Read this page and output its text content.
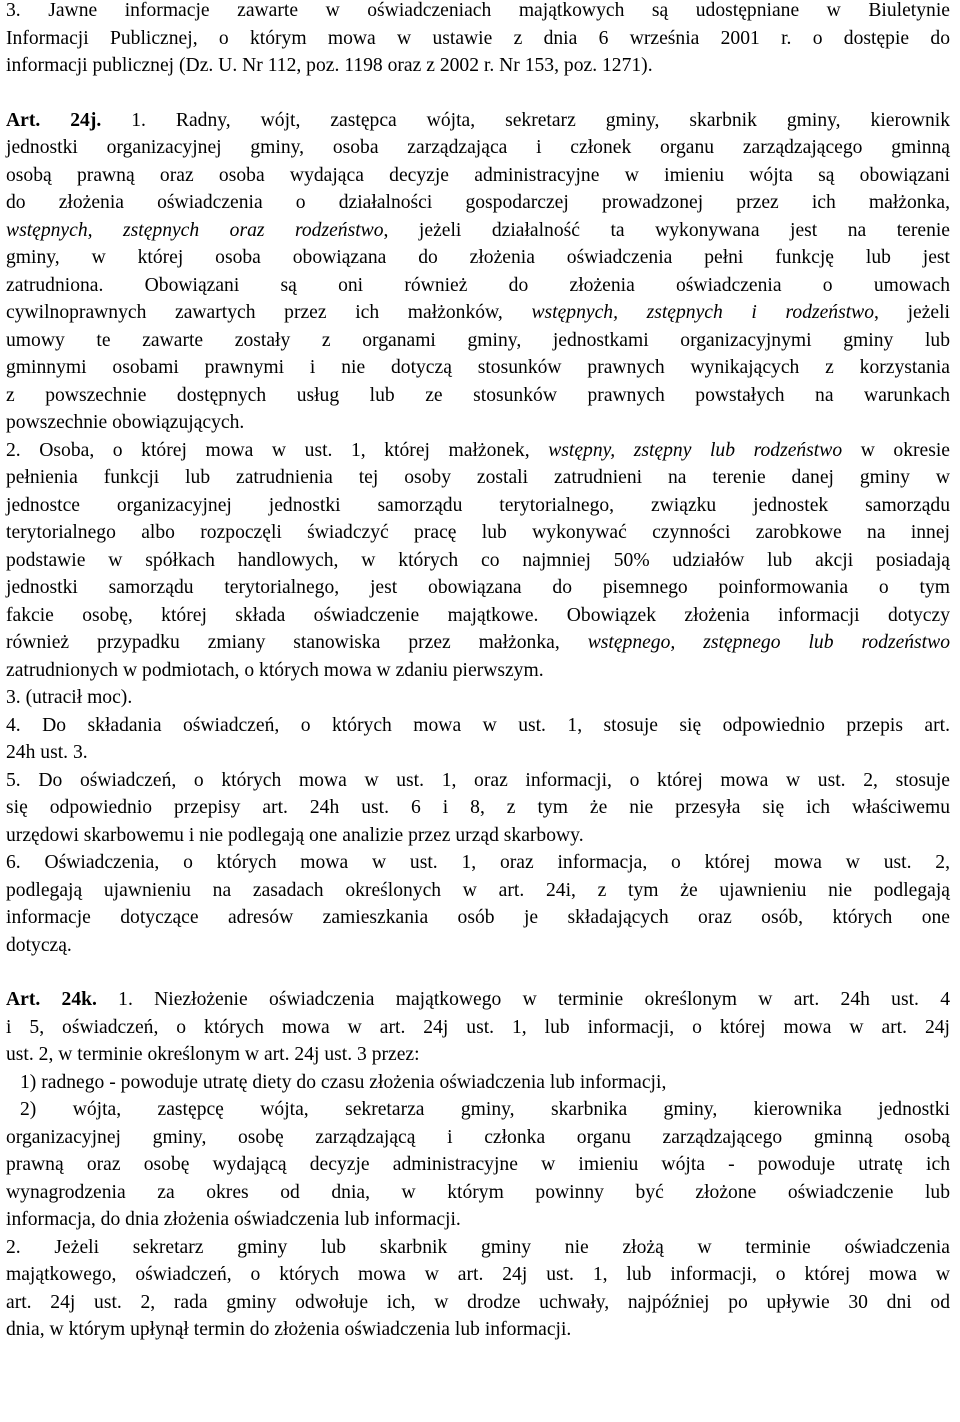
3. Jawne informacje zawarte w oświadczeniach majątkowych są udostępniane w Biuletynie
Informacji Publicznej, o którym mowa w ustawie z dnia 6 września 2001 r. o dostępie do
informacji publicznej (Dz. U. Nr 112, poz. 1198 oraz z 2002 r. Nr 153, poz. 1271).

Art. 24j. 1. Radny, wójt, zastępca wójta, sekretarz gminy, skarbnik gminy, kierownik
jednostki organizacyjnej gminy, osoba zarządzająca i członek organu zarządzającego gminną
osobą prawną oraz osoba wydająca decyzje administracyjne w imieniu wójta są obowiązani
do złożenia oświadczenia o działalności gospodarczej prowadzonej przez ich małżonka,
wstępnych, zstępnych oraz rodzeństwo, jeżeli działalność ta wykonywana jest na terenie
gminy, w której osoba obowiązana do złożenia oświadczenia pełni funkcję lub jest
zatrudniona. Obowiązani są oni również do złożenia oświadczenia o umowach
cywilnoprawnych zawartych przez ich małżonków, wstępnych, zstępnych i rodzeństwo, jeżeli
umowy te zawarte zostały z organami gminy, jednostkami organizacyjnymi gminy lub
gminnymi osobami prawnymi i nie dotyczą stosunków prawnych wynikających z korzystania
z powszechnie dostępnych usług lub ze stosunków prawnych powstałych na warunkach
powszechnie obowiązujących.

2. Osoba, o której mowa w ust. 1, której małżonek, wstępny, zstępny lub rodzeństwo w okresie
pełnienia funkcji lub zatrudnienia tej osoby zostali zatrudnieni na terenie danej gminy w
jednostce organizacyjnej jednostki samorządu terytorialnego, związku jednostek samorządu
terytorialnego albo rozpoczęli świadczyć pracę lub wykonywać czynności zarobkowe na innej
podstawie w spółkach handlowych, w których co najmniej 50% udziałów lub akcji posiadają
jednostki samorządu terytorialnego, jest obowiązana do pisemnego poinformowania o tym
fakcie osobę, której składa oświadczenie majątkowe. Obowiązek złożenia informacji dotyczy
również przypadku zmiany stanowiska przez małżonka, wstępnego, zstępnego lub rodzeństwo
zatrudnionych w podmiotach, o których mowa w zdaniu pierwszym.

3. (utracił moc).

4. Do składania oświadczeń, o których mowa w ust. 1, stosuje się odpowiednio przepis art.
24h ust. 3.

5. Do oświadczeń, o których mowa w ust. 1, oraz informacji, o której mowa w ust. 2, stosuje
się odpowiednio przepisy art. 24h ust. 6 i 8, z tym że nie przesyła się ich właściwemu
urzędowi skarbowemu i nie podlegają one analizie przez urząd skarbowy.

6. Oświadczenia, o których mowa w ust. 1, oraz informacja, o której mowa w ust. 2,
podlegają ujawnieniu na zasadach określonych w art. 24i, z tym że ujawnieniu nie podlegają
informacje dotyczące adresów zamieszkania osób je składających oraz osób, których one
dotyczą.

Art. 24k. 1. Niezłożenie oświadczenia majątkowego w terminie określonym w art. 24h ust. 4
i 5, oświadczeń, o których mowa w art. 24j ust. 1, lub informacji, o której mowa w art. 24j
ust. 2, w terminie określonym w art. 24j ust. 3 przez:
1) radnego - powoduje utratę diety do czasu złożenia oświadczenia lub informacji,
2) wójta, zastępcę wójta, sekretarza gminy, skarbnika gminy, kierownika jednostki
organizacyjnej gminy, osobę zarządzającą i członka organu zarządzającego gminną osobą
prawną oraz osobę wydającą decyzje administracyjne w imieniu wójta - powoduje utratę ich
wynagrodzenia za okres od dnia, w którym powinny być złożone oświadczenie lub
informacja, do dnia złożenia oświadczenia lub informacji.

2. Jeżeli sekretarz gminy lub skarbnik gminy nie złożą w terminie oświadczenia
majątkowego, oświadczeń, o których mowa w art. 24j ust. 1, lub informacji, o której mowa w
art. 24j ust. 2, rada gminy odwołuje ich, w drodze uchwały, najpóźniej po upływie 30 dni od
dnia, w którym upłynął termin do złożenia oświadczenia lub informacji.
